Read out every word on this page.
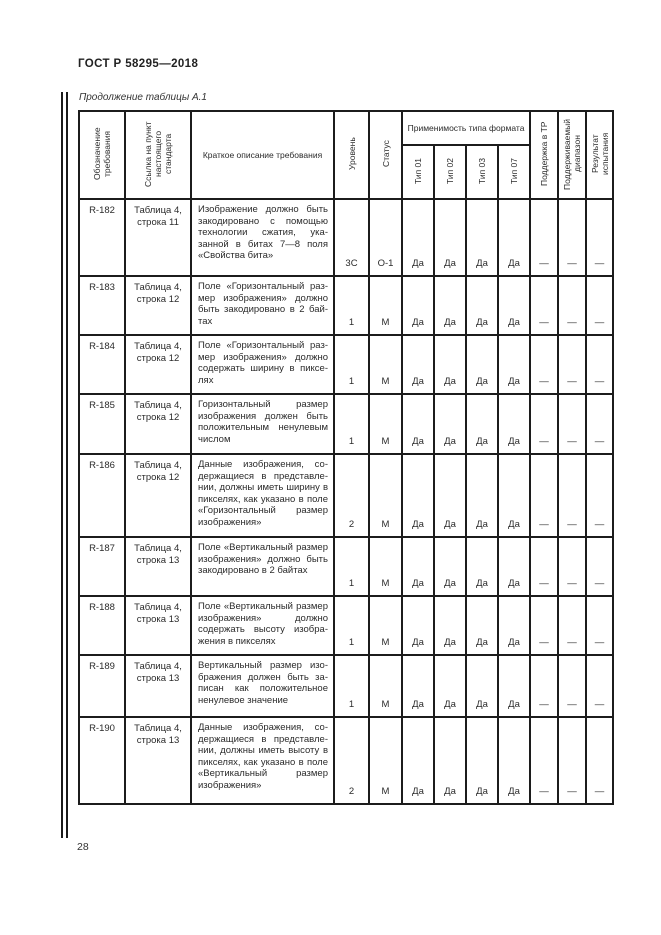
ГОСТ Р 58295—2018
Продолжение таблицы А.1
Обозначение требования	Ссылка на пункт настоящего стандарта	Краткое описание требования	Уровень	Статус	Применимость типа формата				Поддержка в ТР	Поддерживаемый диапазон	Результат испытания
					Тип 01	Тип 02	Тип 03	Тип 07			
R-182	Таблица 4, строка 11	Изображение должно быть закодировано с помощью технологии сжатия, указанной в битах 7—8 поля «Свойства бита»	3С	О-1	Да	Да	Да	Да	—	—	—
R-183	Таблица 4, строка 12	Поле «Горизонтальный размер изображения» должно быть закодировано в 2 байтах	1	М	Да	Да	Да	Да	—	—	—
R-184	Таблица 4, строка 12	Поле «Горизонтальный размер изображения» должно содержать ширину в пикселях	1	М	Да	Да	Да	Да	—	—	—
R-185	Таблица 4, строка 12	Горизонтальный размер изображения должен быть положительным ненулевым числом	1	М	Да	Да	Да	Да	—	—	—
R-186	Таблица 4, строка 12	Данные изображения, содержащиеся в представлении, должны иметь ширину в пикселях, как указано в поле «Горизонтальный размер изображения»	2	М	Да	Да	Да	Да	—	—	—
R-187	Таблица 4, строка 13	Поле «Вертикальный размер изображения» должно быть закодировано в 2 байтах	1	М	Да	Да	Да	Да	—	—	—
R-188	Таблица 4, строка 13	Поле «Вертикальный размер изображения» должно содержать высоту изображения в пикселях	1	М	Да	Да	Да	Да	—	—	—
R-189	Таблица 4, строка 13	Вертикальный размер изображения должен быть записан как положительное ненулевое значение	1	М	Да	Да	Да	Да	—	—	—
R-190	Таблица 4, строка 13	Данные изображения, содержащиеся в представлении, должны иметь высоту в пикселях, как указано в поле «Вертикальный размер изображения»	2	М	Да	Да	Да	Да	—	—	—
28
